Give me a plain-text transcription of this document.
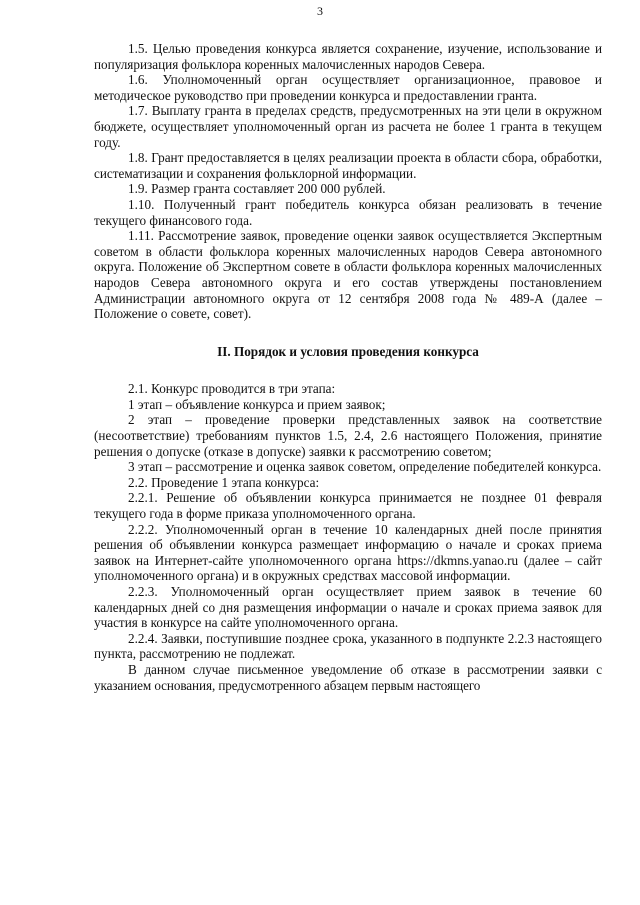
3

1.5. Целью проведения конкурса является сохранение, изучение, использование и популяризация фольклора коренных малочисленных народов Севера.

1.6. Уполномоченный орган осуществляет организационное, правовое и методическое руководство при проведении конкурса и предоставлении гранта.

1.7. Выплату гранта в пределах средств, предусмотренных на эти цели в окружном бюджете, осуществляет уполномоченный орган из расчета не более 1 гранта в текущем году.

1.8. Грант предоставляется в целях реализации проекта в области сбора, обработки, систематизации и сохранения фольклорной информации.

1.9. Размер гранта составляет 200 000 рублей.

1.10. Полученный грант победитель конкурса обязан реализовать в течение текущего финансового года.

1.11. Рассмотрение заявок, проведение оценки заявок осуществляется Экспертным советом в области фольклора коренных малочисленных народов Севера автономного округа. Положение об Экспертном совете в области фольклора коренных малочисленных народов Севера автономного округа и его состав утверждены постановлением Администрации автономного округа от 12 сентября 2008 года № 489-А (далее – Положение о совете, совет).

II. Порядок и условия проведения конкурса

2.1. Конкурс проводится в три этапа:

1 этап – объявление конкурса и прием заявок;

2 этап – проведение проверки представленных заявок на соответствие (несоответствие) требованиям пунктов 1.5, 2.4, 2.6 настоящего Положения, принятие решения о допуске (отказе в допуске) заявки к рассмотрению советом;

3 этап – рассмотрение и оценка заявок советом, определение победителей конкурса.

2.2. Проведение 1 этапа конкурса:

2.2.1. Решение об объявлении конкурса принимается не позднее 01 февраля текущего года в форме приказа уполномоченного органа.

2.2.2. Уполномоченный орган в течение 10 календарных дней после принятия решения об объявлении конкурса размещает информацию о начале и сроках приема заявок на Интернет-сайте уполномоченного органа https://dkmns.yanao.ru (далее – сайт уполномоченного органа) и в окружных средствах массовой информации.

2.2.3. Уполномоченный орган осуществляет прием заявок в течение 60 календарных дней со дня размещения информации о начале и сроках приема заявок для участия в конкурсе на сайте уполномоченного органа.

2.2.4. Заявки, поступившие позднее срока, указанного в подпункте 2.2.3 настоящего пункта, рассмотрению не подлежат.

В данном случае письменное уведомление об отказе в рассмотрении заявки с указанием основания, предусмотренного абзацем первым настоящего
